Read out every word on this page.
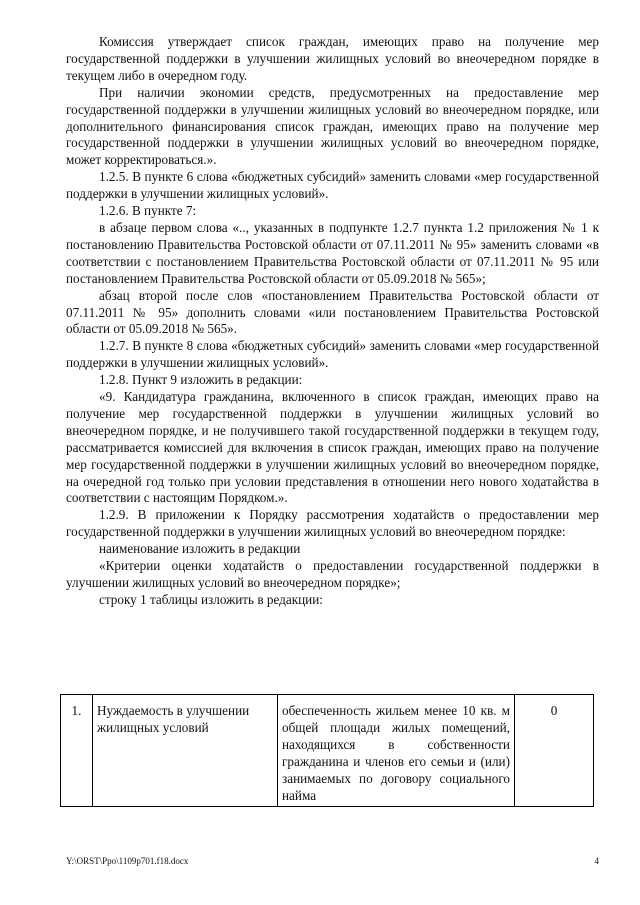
Комиссия утверждает список граждан, имеющих право на получение мер государственной поддержки в улучшении жилищных условий во внеочередном порядке в текущем либо в очередном году.

При наличии экономии средств, предусмотренных на предоставление мер государственной поддержки в улучшении жилищных условий во внеочередном порядке, или дополнительного финансирования список граждан, имеющих право на получение мер государственной поддержки в улучшении жилищных условий во внеочередном порядке, может корректироваться.».

1.2.5. В пункте 6 слова «бюджетных субсидий» заменить словами «мер государственной поддержки в улучшении жилищных условий».

1.2.6. В пункте 7:

в абзаце первом слова «.., указанных в подпункте 1.2.7 пункта 1.2 приложения № 1 к постановлению Правительства Ростовской области от 07.11.2011 № 95» заменить словами «в соответствии с постановлением Правительства Ростовской области от 07.11.2011 № 95 или постановлением Правительства Ростовской области от 05.09.2018 № 565»;

абзац второй после слов «постановлением Правительства Ростовской области от 07.11.2011 № 95» дополнить словами «или постановлением Правительства Ростовской области от 05.09.2018 № 565».

1.2.7. В пункте 8 слова «бюджетных субсидий» заменить словами «мер государственной поддержки в улучшении жилищных условий».

1.2.8. Пункт 9 изложить в редакции:

«9. Кандидатура гражданина, включенного в список граждан, имеющих право на получение мер государственной поддержки в улучшении жилищных условий во внеочередном порядке, и не получившего такой государственной поддержки в текущем году, рассматривается комиссией для включения в список граждан, имеющих право на получение мер государственной поддержки в улучшении жилищных условий во внеочередном порядке, на очередной год только при условии представления в отношении него нового ходатайства в соответствии с настоящим Порядком.».

1.2.9. В приложении к Порядку рассмотрения ходатайств о предоставлении мер государственной поддержки в улучшении жилищных условий во внеочередном порядке:

наименование изложить в редакции

«Критерии оценки ходатайств о предоставлении государственной поддержки в улучшении жилищных условий во внеочередном порядке»;

строку 1 таблицы изложить в редакции:

1.	Нуждаемость в улучшении жилищных условий	обеспеченность жильем менее 10 кв. м общей площади жилых помещений, находящихся в собственности гражданина и членов его семьи и (или) занимаемых по договору социального найма	0
Y:\ORST\Ppo\1109p701.f18.docx	4
